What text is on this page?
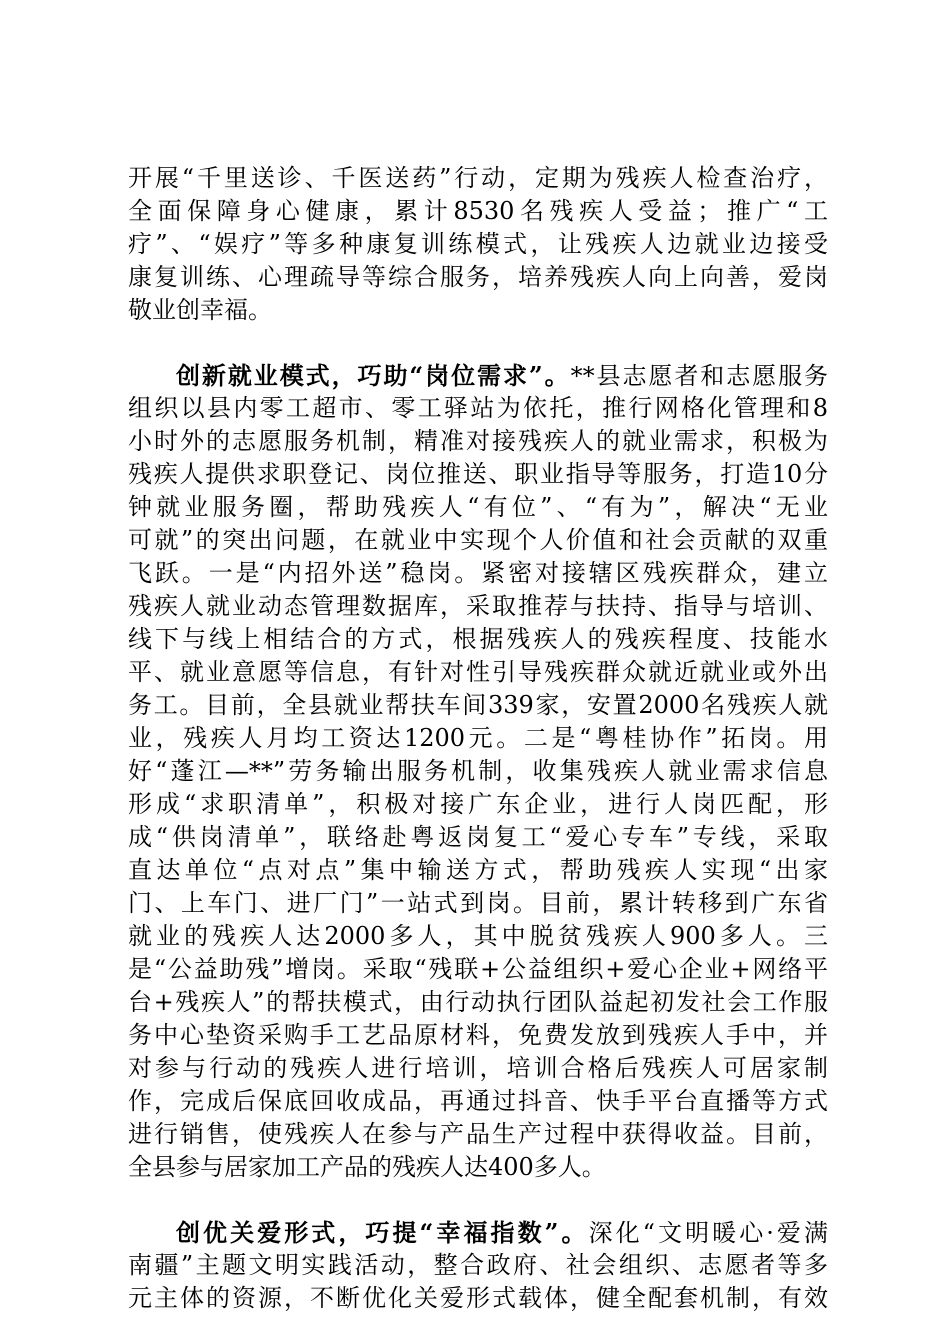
开展“千里送诊、千医送药”行动，定期为残疾人检查治疗，
全面保障身心健康，累计8530名残疾人受益；推广“工
疗”、“娱疗”等多种康复训练模式，让残疾人边就业边接受
康复训练、心理疏导等综合服务，培养残疾人向上向善，爱岗
敬业创幸福。
创新就业模式，巧助“岗位需求”。**县志愿者和志愿服务
组织以县内零工超市、零工驿站为依托，推行网格化管理和8
小时外的志愿服务机制，精准对接残疾人的就业需求，积极为
残疾人提供求职登记、岗位推送、职业指导等服务，打造10分
钟就业服务圈，帮助残疾人“有位”、“有为”，解决“无业
可就”的突出问题，在就业中实现个人价值和社会贡献的双重
飞跃。一是“内招外送”稳岗。紧密对接辖区残疾群众，建立
残疾人就业动态管理数据库，采取推荐与扶持、指导与培训、
线下与线上相结合的方式，根据残疾人的残疾程度、技能水
平、就业意愿等信息，有针对性引导残疾群众就近就业或外出
务工。目前，全县就业帮扶车间339家，安置2000名残疾人就
业，残疾人月均工资达1200元。二是“粤桂协作”拓岗。用
好“蓬江—**”劳务输出服务机制，收集残疾人就业需求信息
形成“求职清单”，积极对接广东企业，进行人岗匹配，形
成“供岗清单”，联络赴粤返岗复工“爱心专车”专线，采取
直达单位“点对点”集中输送方式，帮助残疾人实现“出家
门、上车门、进厂门”一站式到岗。目前，累计转移到广东省
就业的残疾人达2000多人，其中脱贫残疾人900多人。三
是“公益助残”增岗。采取“残联+公益组织+爱心企业+网络平
台+残疾人”的帮扶模式，由行动执行团队益起初发社会工作服
务中心垫资采购手工艺品原材料，免费发放到残疾人手中，并
对参与行动的残疾人进行培训，培训合格后残疾人可居家制
作，完成后保底回收成品，再通过抖音、快手平台直播等方式
进行销售，使残疾人在参与产品生产过程中获得收益。目前，
全县参与居家加工产品的残疾人达400多人。
创优关爱形式，巧提“幸福指数”。深化“文明暖心·爱满
南疆”主题文明实践活动，整合政府、社会组织、志愿者等多
元主体的资源，不断优化关爱形式载体，健全配套机制，有效
